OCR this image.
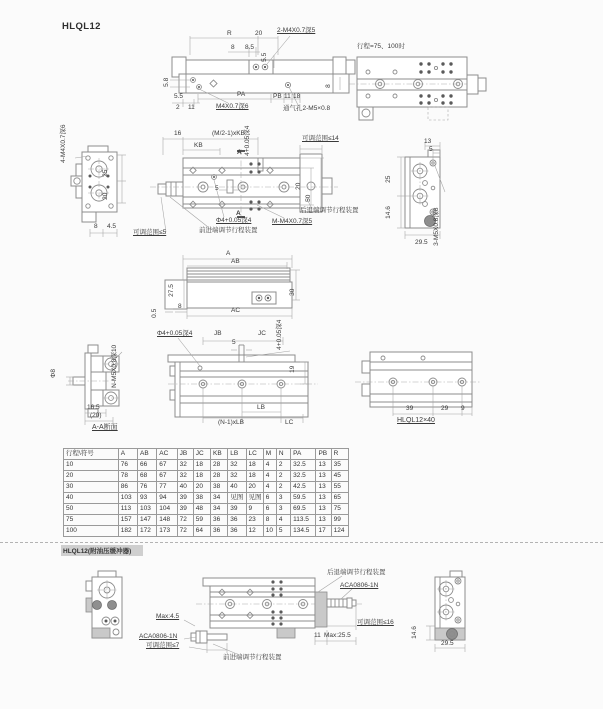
HLQL12
R	20 2-M4X0.7深5
8 8.5
5.5
5.8	8
5.5	PA	PB 11 18
2 11	M4X0.7深6	通气孔2-M5×0.8
行程=75、100时
4-M4X0.7深6
25
20
8 4.5
16	(M/2-1)xKB
KB
A
A
4+0.05深4	可调范围≤14
20
50
5
Φ4+0.05深4	M-M4X0.7深5
前进端调节行程装置
后退端调节行程装置
可调范围≤5
13
5
25
14.6
29.5 3-M5X0.8深8
A
AB
27.5	30
0.5
8
AC
Φ8	N-M5X0.8深10
16.5
(20)
A-A断面
Φ4+0.05深4	JB	JC
5	4+0.05深4
19
LB
(N-1)xLB	LC
39	29 9
HLQL12×40
后退端调节行程装置
ACA0806-1N
可调范围≤16
11 Max:25.5
Max:4.5
ACA0806-1N
可调范围≤7
前进端调节行程装置
29.5
14.6
HLQL12(附油压缓冲器)
行程\符号	A	AB	AC	JB	JC	KB	LB	LC	M	N	PA	PB	R
10	76	66	67	32	18	28	32	18	4	2	32.5	13	35
20	78	68	67	32	18	28	32	18	4	2	32.5	13	45
30	86	76	77	40	20	38	40	20	4	2	42.5	13	55
40	103	93	94	39	38	34	见图	见图	6	3	59.5	13	65
50	113	103	104	39	48	34	39	9	6	3	69.5	13	75
75	157	147	148	72	59	36	36	23	8	4	113.5	13	99
100	182	172	173	72	64	36	36	12	10	5	134.5	17	124
